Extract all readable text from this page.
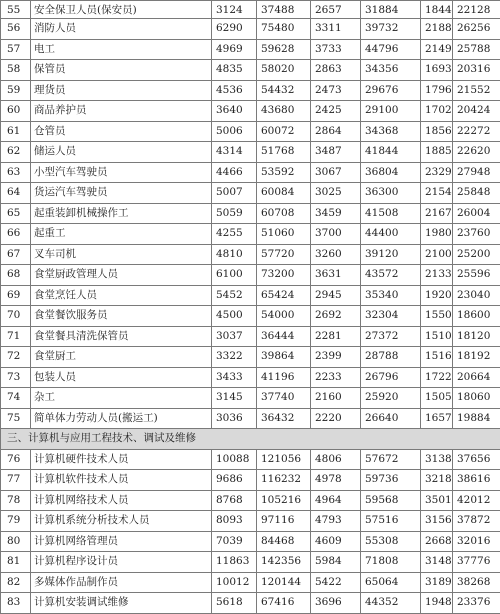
55	安全保卫人员(保安员)	3124	37488	2657	31884	1844	22128
56	消防人员	6290	75480	3311	39732	2188	26256
57	电工	4969	59628	3733	44796	2149	25788
58	保管员	4835	58020	2863	34356	1693	20316
59	理货员	4536	54432	2473	29676	1796	21552
60	商品养护员	3640	43680	2425	29100	1702	20424
61	仓管员	5006	60072	2864	34368	1856	22272
62	储运人员	4314	51768	3487	41844	1885	22620
63	小型汽车驾驶员	4466	53592	3067	36804	2329	27948
64	货运汽车驾驶员	5007	60084	3025	36300	2154	25848
65	起重装卸机械操作工	5059	60708	3459	41508	2167	26004
66	起重工	4255	51060	3700	44400	1980	23760
67	叉车司机	4810	57720	3260	39120	2100	25200
68	食堂厨政管理人员	6100	73200	3631	43572	2133	25596
69	食堂烹饪人员	5452	65424	2945	35340	1920	23040
70	食堂餐饮服务员	4500	54000	2692	32304	1550	18600
71	食堂餐具清洗保管员	3037	36444	2281	27372	1510	18120
72	食堂厨工	3322	39864	2399	28788	1516	18192
73	包装人员	3433	41196	2233	26796	1722	20664
74	杂工	3145	37740	2160	25920	1505	18060
75	简单体力劳动人员(搬运工)	3036	36432	2220	26640	1657	19884
三、计算机与应用工程技术、调试及维修							
76	计算机硬件技术人员	10088	121056	4806	57672	3138	37656
77	计算机软件技术人员	9686	116232	4978	59736	3218	38616
78	计算机网络技术人员	8768	105216	4964	59568	3501	42012
79	计算机系统分析技术人员	8093	97116	4793	57516	3156	37872
80	计算机网络管理员	7039	84468	4609	55308	2668	32016
81	计算机程序设计员	11863	142356	5984	71808	3148	37776
82	多媒体作品制作员	10012	120144	5422	65064	3189	38268
83	计算机安装调试维修	5618	67416	3696	44352	1948	23376
